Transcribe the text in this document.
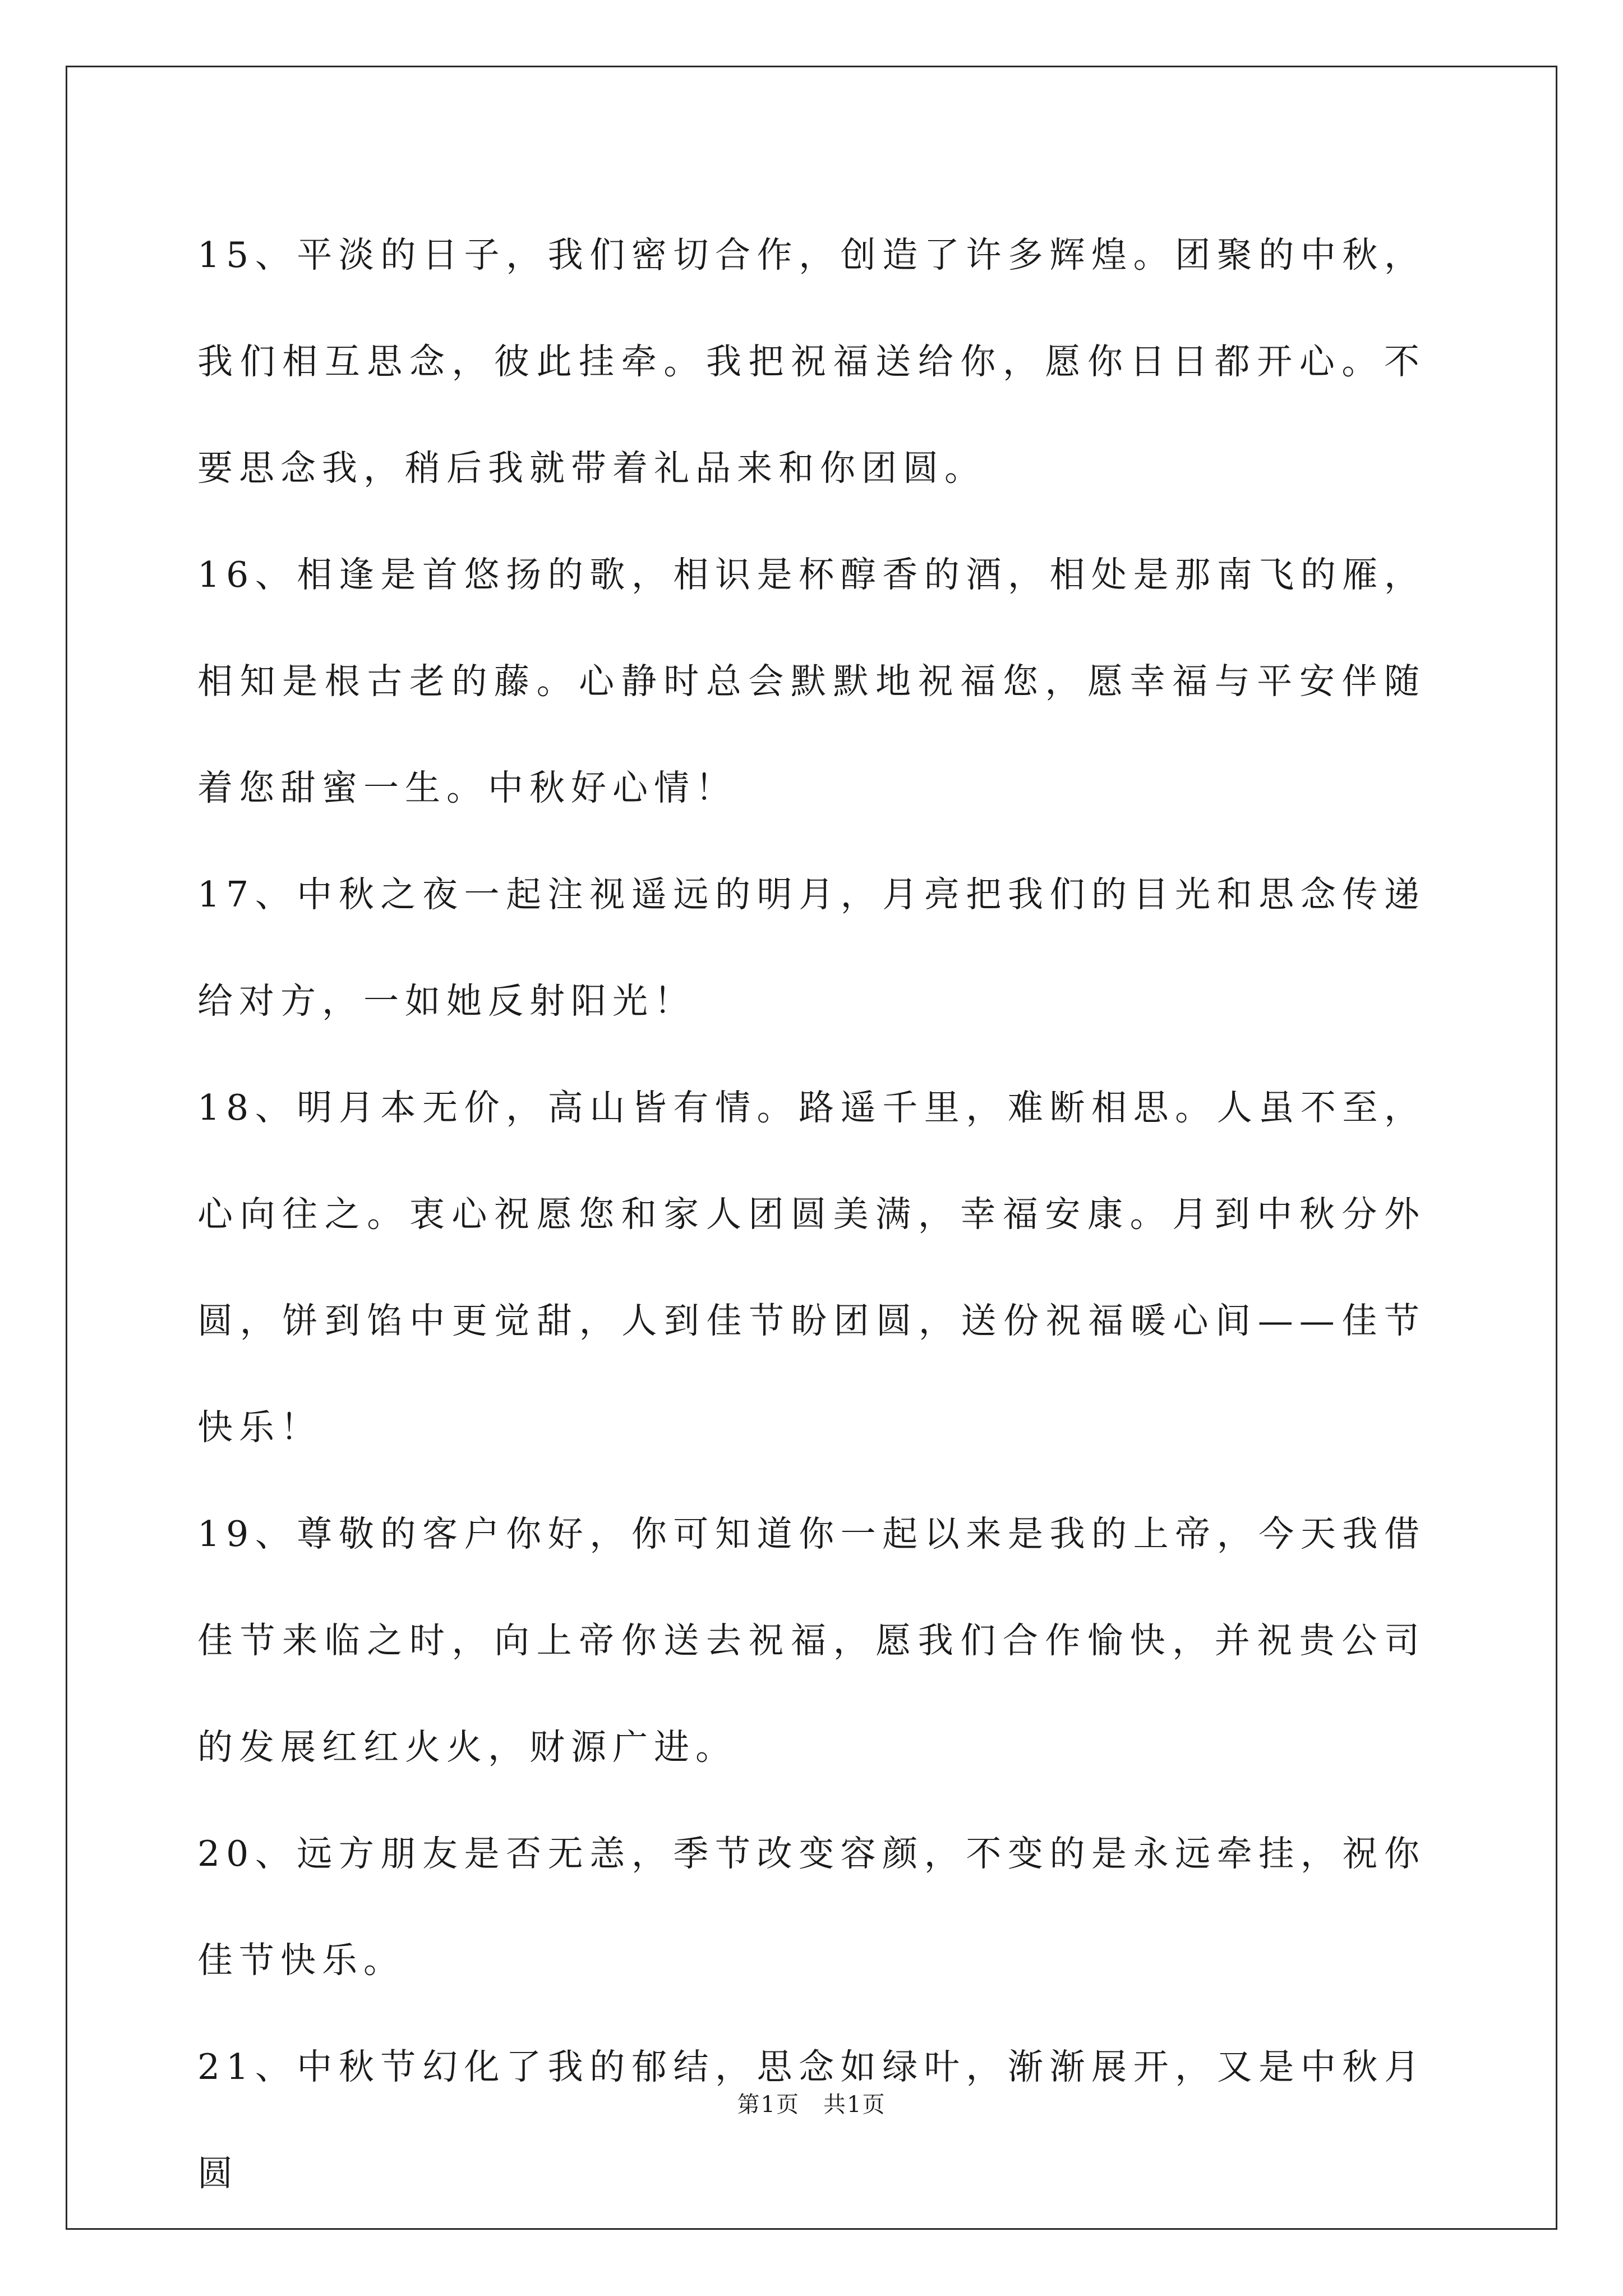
15、平淡的日子，我们密切合作，创造了许多辉煌。团聚的中秋，我们相互思念，彼此挂牵。我把祝福送给你，愿你日日都开心。不要思念我，稍后我就带着礼品来和你团圆。

16、相逢是首悠扬的歌，相识是杯醇香的酒，相处是那南飞的雁，相知是根古老的藤。心静时总会默默地祝福您，愿幸福与平安伴随着您甜蜜一生。中秋好心情！

17、中秋之夜一起注视遥远的明月，月亮把我们的目光和思念传递给对方，一如她反射阳光！

18、明月本无价，高山皆有情。路遥千里，难断相思。人虽不至，心向往之。衷心祝愿您和家人团圆美满，幸福安康。月到中秋分外圆，饼到馅中更觉甜，人到佳节盼团圆，送份祝福暖心间——佳节快乐！

19、尊敬的客户你好，你可知道你一起以来是我的上帝，今天我借佳节来临之时，向上帝你送去祝福，愿我们合作愉快，并祝贵公司的发展红红火火，财源广进。

20、远方朋友是否无恙，季节改变容颜，不变的是永远牵挂，祝你佳节快乐。

21、中秋节幻化了我的郁结，思念如绿叶，渐渐展开，又是中秋月圆

第1页　共1页
